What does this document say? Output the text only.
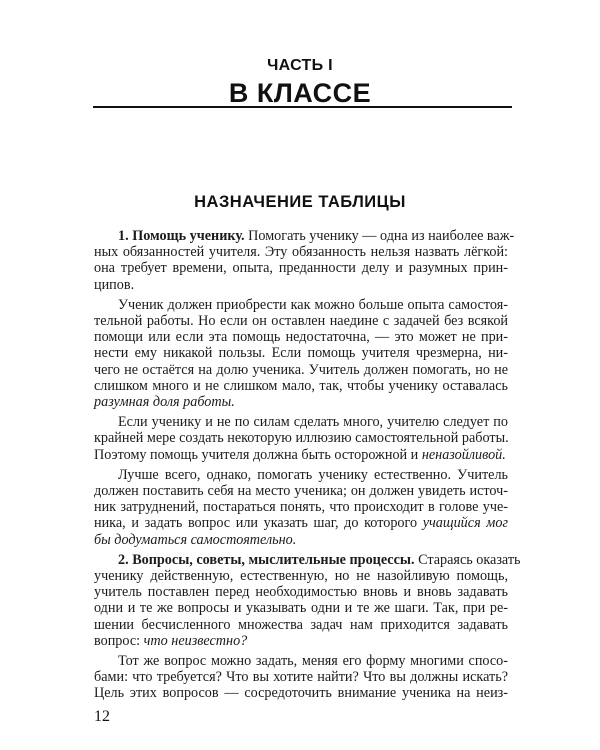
ЧАСТЬ I
В КЛАССЕ
НАЗНАЧЕНИЕ ТАБЛИЦЫ
1. Помощь ученику. Помогать ученику — одна из наиболее важ-
ных обязанностей учителя. Эту обязанность нельзя назвать лёгкой:
она требует времени, опыта, преданности делу и разумных прин-
ципов.
Ученик должен приобрести как можно больше опыта самостоя-
тельной работы. Но если он оставлен наедине с задачей без всякой
помощи или если эта помощь недостаточна, — это может не при-
нести ему никакой пользы. Если помощь учителя чрезмерна, ни-
чего не остаётся на долю ученика. Учитель должен помогать, но не
слишком много и не слишком мало, так, чтобы ученику оставалась
разумная доля работы.
Если ученику и не по силам сделать много, учителю следует по
крайней мере создать некоторую иллюзию самостоятельной работы.
Поэтому помощь учителя должна быть осторожной и неназойливой.
Лучше всего, однако, помогать ученику естественно. Учитель
должен поставить себя на место ученика; он должен увидеть источ-
ник затруднений, постараться понять, что происходит в голове уче-
ника, и задать вопрос или указать шаг, до которого учащийся мог
бы додуматься самостоятельно.
2. Вопросы, советы, мыслительные процессы. Стараясь оказать
ученику действенную, естественную, но не назойливую помощь,
учитель поставлен перед необходимостью вновь и вновь задавать
одни и те же вопросы и указывать одни и те же шаги. Так, при ре-
шении бесчисленного множества задач нам приходится задавать
вопрос: что неизвестно?
12
Тот же вопрос можно задать, меняя его форму многими спосо-
бами: что требуется? Что вы хотите найти? Что вы должны искать?
Цель этих вопросов — сосредоточить внимание ученика на неиз-
